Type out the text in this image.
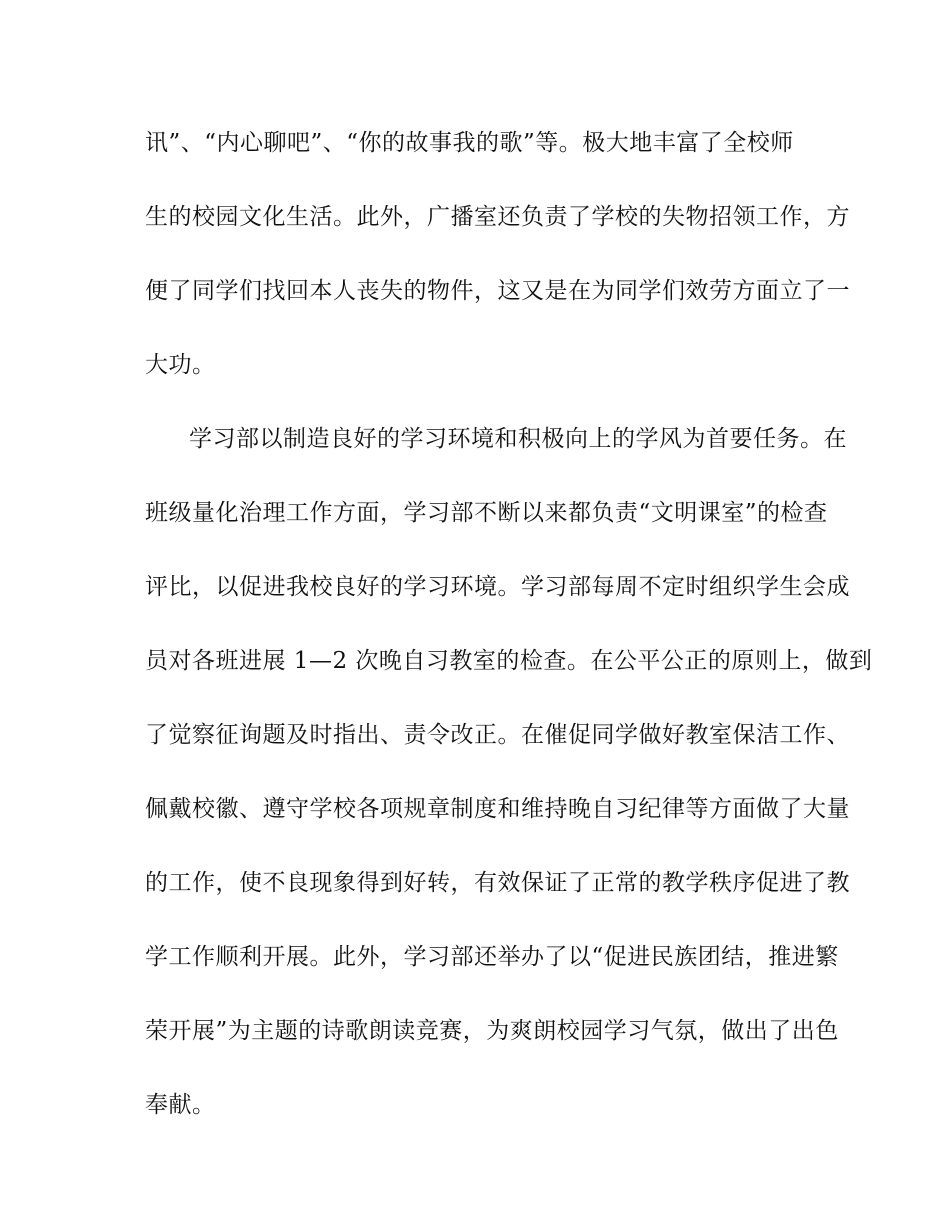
讯”、“内心聊吧”、“你的故事我的歌”等。极大地丰富了全校师
生的校园文化生活。此外，广播室还负责了学校的失物招领工作，方
便了同学们找回本人丧失的物件，这又是在为同学们效劳方面立了一
大功。
学习部以制造良好的学习环境和积极向上的学风为首要任务。在
班级量化治理工作方面，学习部不断以来都负责“文明课室”的检查
评比，以促进我校良好的学习环境。学习部每周不定时组织学生会成
员对各班进展 1—2 次晚自习教室的检查。在公平公正的原则上，做到
了觉察征询题及时指出、责令改正。在催促同学做好教室保洁工作、
佩戴校徽、遵守学校各项规章制度和维持晚自习纪律等方面做了大量
的工作，使不良现象得到好转，有效保证了正常的教学秩序促进了教
学工作顺利开展。此外，学习部还举办了以“促进民族团结，推进繁
荣开展”为主题的诗歌朗读竞赛，为爽朗校园学习气氛，做出了出色
奉献。
